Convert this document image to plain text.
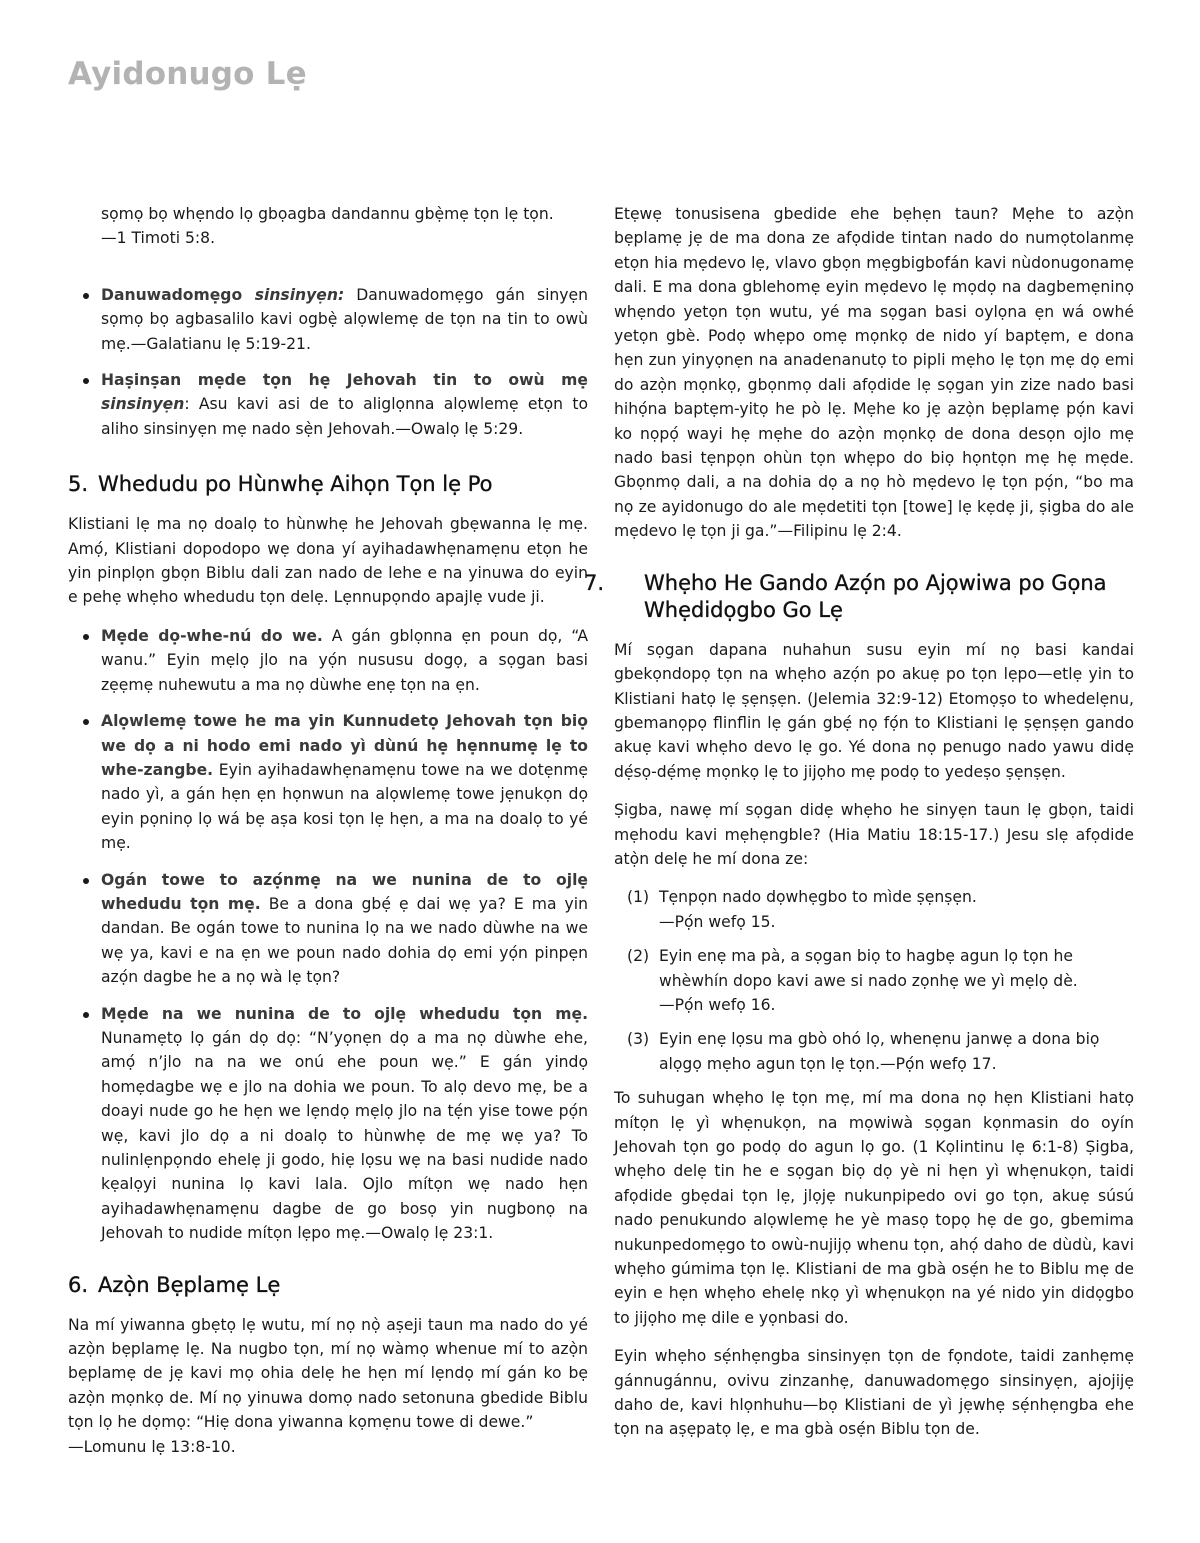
Ayidonugo Lẹ

sọmọ bọ whẹndo lọ gbọagba dandannu gbẹ̀mẹ tọn lẹ tọn.

—1 Timoti 5:8.

Danuwadomẹgo sinsinyẹn: Danuwadomẹgo gán sinyẹn sọmọ bọ agbasalilo kavi ogbẹ̀ alọwlemẹ de tọn na tin to owù mẹ.—Galatianu lẹ 5:19-21.
Haṣinṣan mẹde tọn hẹ Jehovah tin to owù mẹ sinsinyẹn: Asu kavi asi de to aliglọnna alọwlemẹ etọn to aliho sinsinyẹn mẹ nado sẹ̀n Jehovah.—Owalọ lẹ 5:29.
5. Whedudu po Hùnwhẹ Aihọn Tọn lẹ Po

Klistiani lẹ ma nọ doalọ to hùnwhẹ he Jehovah gbẹwanna lẹ mẹ. Amọ́, Klistiani dopodopo wẹ dona yí ayihadawhẹnamẹnu etọn he yin pinplọn gbọn Biblu dali zan nado de lehe e na yinuwa do eyin e pehẹ whẹho whedudu tọn delẹ. Lẹnnupọndo apajlẹ vude ji.

Mẹde dọ-whe-nú do we. A gán gblọnna ẹn poun dọ, “A wanu.” Eyin mẹlọ jlo na yọ́n nususu dogọ, a sọgan basi zẹẹmẹ nuhewutu a ma nọ dùwhe enẹ tọn na ẹn.
Alọwlemẹ towe he ma yin Kunnudetọ Jehovah tọn biọ we dọ a ni hodo emi nado yì dùnú hẹ hẹnnumẹ lẹ to whe-zangbe. Eyin ayihadawhẹnamẹnu towe na we dotẹnmẹ nado yì, a gán hẹn ẹn họnwun na alọwlemẹ towe jẹnukọn dọ eyin pọninọ lọ wá bẹ aṣa kosi tọn lẹ hẹn, a ma na doalọ to yé mẹ.
Ogán towe to azọ́nmẹ na we nunina de to ojlẹ whedudu tọn mẹ. Be a dona gbẹ́ ẹ dai wẹ ya? E ma yin dandan. Be ogán towe to nunina lọ na we nado dùwhe na we wẹ ya, kavi e na ẹn we poun nado dohia dọ emi yọ́n pinpẹn azọ́n dagbe he a nọ wà lẹ tọn?
Mẹde na we nunina de to ojlẹ whedudu tọn mẹ. Nunamẹtọ lọ gán dọ dọ: “N’yọnẹn dọ a ma nọ dùwhe ehe, amọ́ n’jlo na na we onú ehe poun wẹ.” E gán yindọ homẹdagbe wẹ e jlo na dohia we poun. To alọ devo mẹ, be a doayi nude go he hẹn we lẹndọ mẹlọ jlo na tẹ́n yise towe pọ́n wẹ, kavi jlo dọ a ni doalọ to hùnwhẹ de mẹ wẹ ya? To nulinlẹnpọndo ehelẹ ji godo, hiẹ lọsu wẹ na basi nudide nado kẹalọyi nunina lọ kavi lala. Ojlo mítọn wẹ nado hẹn ayihadawhẹnamẹnu dagbe de go bosọ yin nugbonọ na Jehovah to nudide mítọn lẹpo mẹ.—Owalọ lẹ 23:1.
6. Azọ̀n Bẹplamẹ Lẹ

Na mí yiwanna gbẹtọ lẹ wutu, mí nọ nọ̀ aṣeji taun ma nado do yé azọ̀n bẹplamẹ lẹ. Na nugbo tọn, mí nọ wàmọ whenue mí to azọ̀n bẹplamẹ de jẹ kavi mọ ohia delẹ he hẹn mí lẹndọ mí gán ko bẹ azọ̀n mọnkọ de. Mí nọ yinuwa domọ nado setonuna gbedide Biblu tọn lọ he dọmọ: “Hiẹ dona yiwanna kọmẹnu towe di dewe.”

—Lomunu lẹ 13:8-10.

Etẹwẹ tonusisena gbedide ehe bẹhẹn taun? Mẹhe to azọ̀n bẹplamẹ jẹ de ma dona ze afọdide tintan nado do numọtolanmẹ etọn hia mẹdevo lẹ, vlavo gbọn mẹgbigbofán kavi nùdonugonamẹ dali. E ma dona gblehomẹ eyin mẹdevo lẹ mọdọ na dagbemẹninọ whẹndo yetọn tọn wutu, yé ma sọgan basi oylọna ẹn wá owhé yetọn gbè. Podọ whẹpo omẹ mọnkọ de nido yí baptẹm, e dona hẹn zun yinyọnẹn na anadenanutọ to pipli mẹho lẹ tọn mẹ dọ emi do azọ̀n mọnkọ, gbọnmọ dali afọdide lẹ sọgan yin zize nado basi hihọ́na baptẹm-yitọ he pò lẹ. Mẹhe ko jẹ azọ̀n bẹplamẹ pọ́n kavi ko nọpọ́ wayi hẹ mẹhe do azọ̀n mọnkọ de dona desọn ojlo mẹ nado basi tẹnpọn ohùn tọn whẹpo do biọ họntọn mẹ hẹ mẹde. Gbọnmọ dali, a na dohia dọ a nọ hò mẹdevo lẹ tọn pọ́n, “bo ma nọ ze ayidonugo do ale mẹdetiti tọn [towe] lẹ kẹdẹ ji, ṣigba do ale mẹdevo lẹ tọn ji ga.”—Filipinu lẹ 2:4.

7. Whẹho He Gando Azọ́n po Ajọwiwa po Gọna
Whẹdidọgbo Go Lẹ

Mí sọgan dapana nuhahun susu eyin mí nọ basi kandai gbekọndopọ tọn na whẹho azọ́n po akuẹ po tọn lẹpo—etlẹ yin to Klistiani hatọ lẹ ṣẹnṣẹn. (Jelemia 32:9-12) Etomọṣo to whedelẹnu, gbemanọpọ flinflin lẹ gán gbẹ́ nọ fọ́n to Klistiani lẹ ṣẹnṣẹn gando akuẹ kavi whẹho devo lẹ go. Yé dona nọ penugo nado yawu didẹ dẹ́sọ-dẹ́mẹ mọnkọ lẹ to jijọho mẹ podọ to yedeṣo ṣẹnṣẹn.

Ṣigba, nawẹ mí sọgan didẹ whẹho he sinyẹn taun lẹ gbọn, taidi mẹhodu kavi mẹhẹngble? (Hia Matiu 18:15-17.) Jesu slẹ afọdide atọ̀n delẹ he mí dona ze:

(1) Tẹnpọn nado dọwhẹgbo to mìde ṣẹnṣẹn.
—Pọ́n wefọ 15.
(2) Eyin enẹ ma pà, a sọgan biọ to hagbẹ agun lọ tọn he whèwhín dopo kavi awe si nado zọnhẹ we yì mẹlọ dè.
—Pọ́n wefọ 16.
(3) Eyin enẹ lọsu ma gbò ohó lọ, whenẹnu janwẹ a dona biọ alọgọ mẹho agun tọn lẹ tọn.—Pọ́n wefọ 17.

To suhugan whẹho lẹ tọn mẹ, mí ma dona nọ hẹn Klistiani hatọ mítọn lẹ yì whẹnukọn, na mọwiwà sọgan kọnmasin do oyín Jehovah tọn go podọ do agun lọ go. (1 Kọlintinu lẹ 6:1-8) Ṣigba, whẹho delẹ tin he e sọgan biọ dọ yè ni hẹn yì whẹnukọn, taidi afọdide gbẹdai tọn lẹ, jlọjẹ nukunpipedo ovi go tọn, akuẹ súsú nado penukundo alọwlemẹ he yè masọ topọ hẹ de go, gbemima nukunpedomẹgo to owù-nujijọ whenu tọn, ahọ́ daho de dùdù, kavi whẹho gúmima tọn lẹ. Klistiani de ma gbà osẹ́n he to Biblu mẹ de eyin e hẹn whẹho ehelẹ nkọ yì whẹnukọn na yé nido yin didọgbo to jijọho mẹ dile e yọnbasi do.

Eyin whẹho sẹ́nhẹngba sinsinyẹn tọn de fọndote, taidi zanhẹmẹ gánnugánnu, ovivu zinzanhẹ, danuwadomẹgo sinsinyẹn, ajojijẹ daho de, kavi hlọnhuhu—bọ Klistiani de yì jẹwhẹ sẹ́nhẹngba ehe tọn na aṣẹpatọ lẹ, e ma gbà osẹ́n Biblu tọn de.
